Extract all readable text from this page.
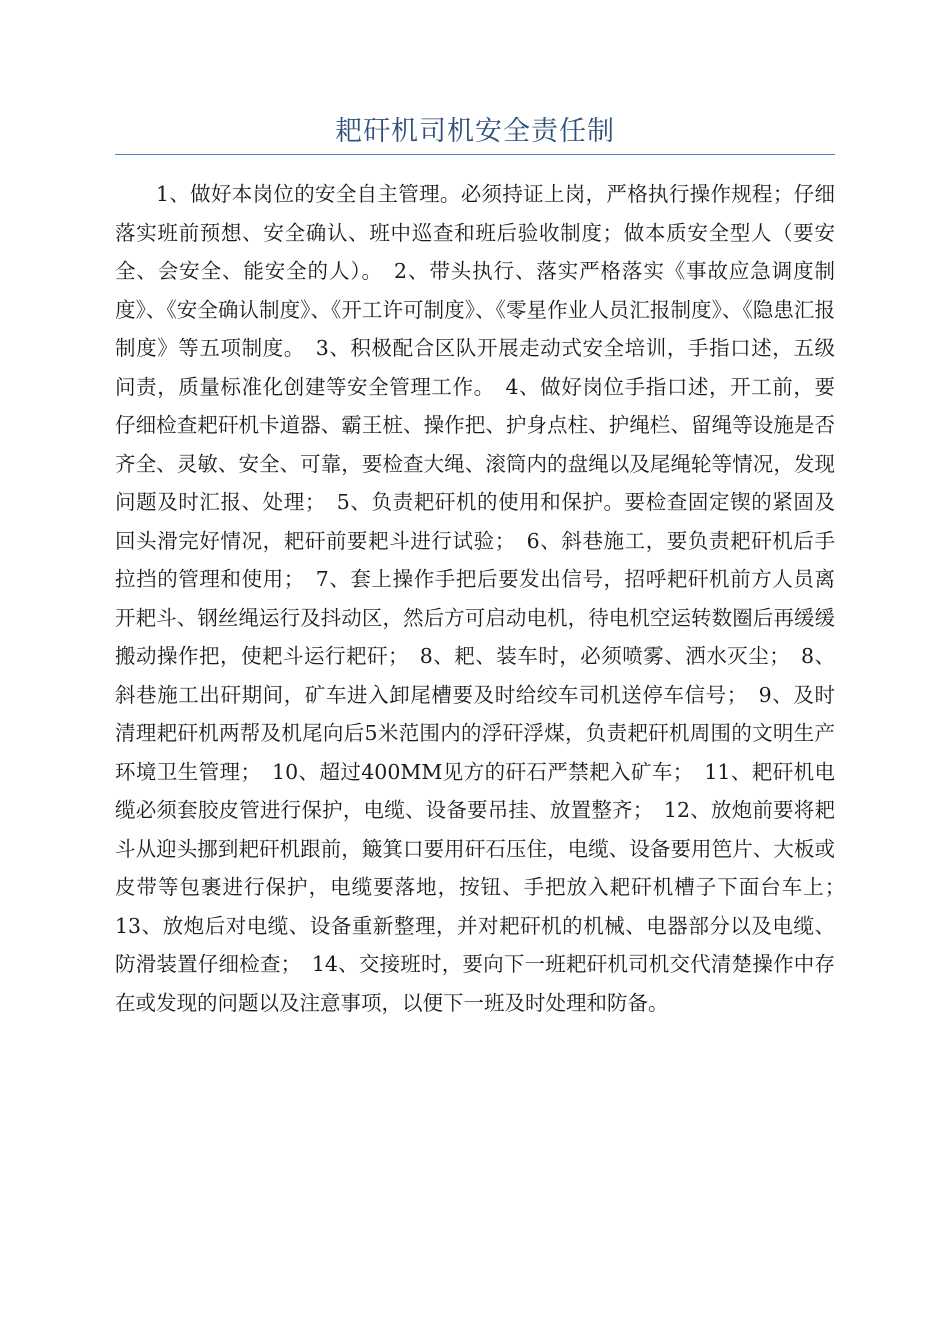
耙矸机司机安全责任制

1、做好本岗位的安全自主管理。必须持证上岗，严格执行操作规程；仔细落实班前预想、安全确认、班中巡查和班后验收制度；做本质安全型人（要安全、会安全、能安全的人）。　2、带头执行、落实严格落实《事故应急调度制度》、《安全确认制度》、《开工许可制度》、《零星作业人员汇报制度》、《隐患汇报制度》等五项制度。　3、积极配合区队开展走动式安全培训，手指口述，五级问责，质量标准化创建等安全管理工作。　4、做好岗位手指口述，开工前，要仔细检查耙矸机卡道器、霸王桩、操作把、护身点柱、护绳栏、留绳等设施是否齐全、灵敏、安全、可靠，要检查大绳、滚筒内的盘绳以及尾绳轮等情况，发现问题及时汇报、处理；　5、负责耙矸机的使用和保护。要检查固定锲的紧固及回头滑完好情况，耙矸前要耙斗进行试验；　6、斜巷施工，要负责耙矸机后手拉挡的管理和使用；　7、套上操作手把后要发出信号，招呼耙矸机前方人员离开耙斗、钢丝绳运行及抖动区，然后方可启动电机，待电机空运转数圈后再缓缓搬动操作把，使耙斗运行耙矸；　8、耙、装车时，必须喷雾、洒水灭尘；　8、斜巷施工出矸期间，矿车进入卸尾槽要及时给绞车司机送停车信号；　9、及时清理耙矸机两帮及机尾向后5米范围内的浮矸浮煤，负责耙矸机周围的文明生产环境卫生管理；　10、超过400MM见方的矸石严禁耙入矿车；　11、耙矸机电缆必须套胶皮管进行保护，电缆、设备要吊挂、放置整齐；　12、放炮前要将耙斗从迎头挪到耙矸机跟前，簸箕口要用矸石压住，电缆、设备要用笆片、大板或皮带等包裹进行保护，电缆要落地，按钮、手把放入耙矸机槽子下面台车上；　13、放炮后对电缆、设备重新整理，并对耙矸机的机械、电器部分以及电缆、防滑装置仔细检查；　14、交接班时，要向下一班耙矸机司机交代清楚操作中存在或发现的问题以及注意事项，以便下一班及时处理和防备。
